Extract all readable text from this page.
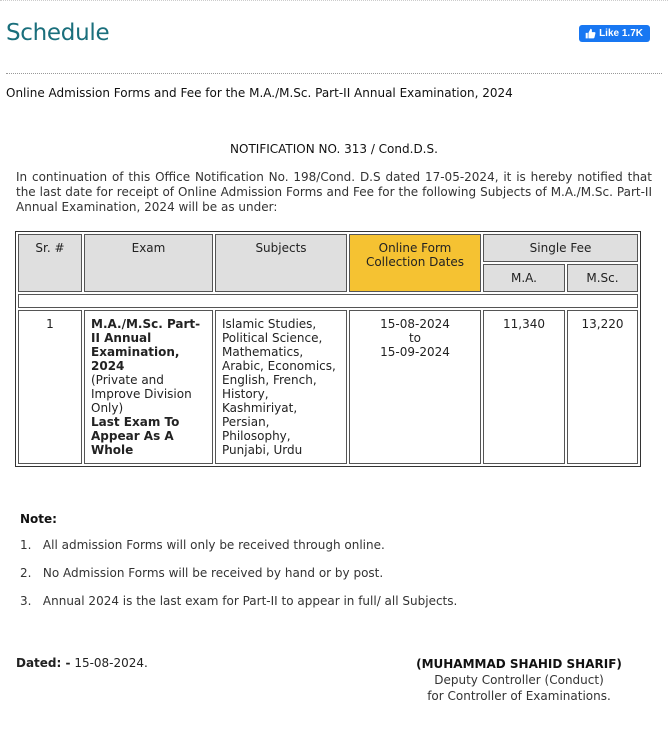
Schedule	Like 1.7K
Online Admission Forms and Fee for the M.A./M.Sc. Part-II Annual Examination, 2024
NOTIFICATION NO. 313 / Cond.D.S.
In continuation of this Office Notification No. 198/Cond. D.S dated 17-05-2024, it is hereby notified that the last date for receipt of Online Admission Forms and Fee for the following Subjects of M.A./M.Sc. Part-II Annual Examination, 2024 will be as under:
Sr. #	Exam	Subjects	Online Form Collection Dates	Single Fee	
				M.A.	M.Sc.

1	M.A./M.Sc. Part-II Annual Examination, 2024
(Private and Improve Division Only)
Last Exam To Appear As A Whole	Islamic Studies, Political Science, Mathematics, Arabic, Economics, English, French, History, Kashmiriyat, Persian, Philosophy, Punjabi, Urdu	15-08-2024
to
15-09-2024	11,340	13,220
Note:
1.   All admission Forms will only be received through online.
2.   No Admission Forms will be received by hand or by post.
3.   Annual 2024 is the last exam for Part-II to appear in full/ all Subjects.
Dated: - 15-08-2024.	(MUHAMMAD SHAHID SHARIF)
Deputy Controller (Conduct)
for Controller of Examinations.
